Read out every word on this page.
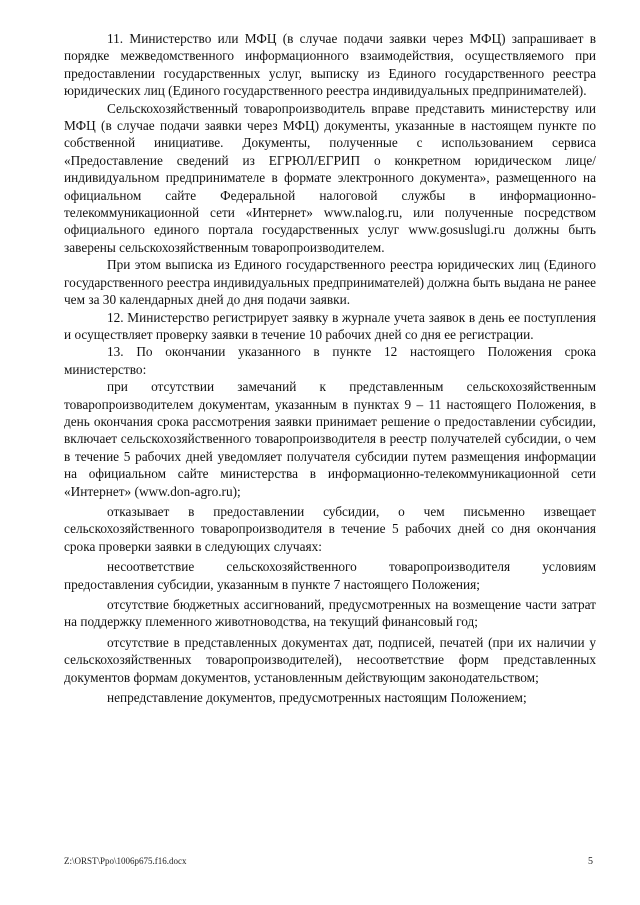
11. Министерство или МФЦ (в случае подачи заявки через МФЦ) запрашивает в порядке межведомственного информационного взаимодействия, осуществляемого при предоставлении государственных услуг, выписку из Единого государственного реестра юридических лиц (Единого государственного реестра индивидуальных предпринимателей).

Сельскохозяйственный товаропроизводитель вправе представить министерству или МФЦ (в случае подачи заявки через МФЦ) документы, указанные в настоящем пункте по собственной инициативе. Документы, полученные с использованием сервиса «Предоставление сведений из ЕГРЮЛ/ЕГРИП о конкретном юридическом лице/индивидуальном предпринимателе в формате электронного документа», размещенного на официальном сайте Федеральной налоговой службы в информационно-телекоммуникационной сети «Интернет» www.nalog.ru, или полученные посредством официального единого портала государственных услуг www.gosuslugi.ru должны быть заверены сельскохозяйственным товаропроизводителем.

При этом выписка из Единого государственного реестра юридических лиц (Единого государственного реестра индивидуальных предпринимателей) должна быть выдана не ранее чем за 30 календарных дней до дня подачи заявки.

12. Министерство регистрирует заявку в журнале учета заявок в день ее поступления и осуществляет проверку заявки в течение 10 рабочих дней со дня ее регистрации.

13. По окончании указанного в пункте 12 настоящего Положения срока министерство:

при отсутствии замечаний к представленным сельскохозяйственным товаропроизводителем документам, указанным в пунктах 9 – 11 настоящего Положения, в день окончания срока рассмотрения заявки принимает решение о предоставлении субсидии, включает сельскохозяйственного товаропроизводителя в реестр получателей субсидии, о чем в течение 5 рабочих дней уведомляет получателя субсидии путем размещения информации на официальном сайте министерства в информационно-телекоммуникационной сети «Интернет» (www.don-agro.ru);

отказывает в предоставлении субсидии, о чем письменно извещает сельскохозяйственного товаропроизводителя в течение 5 рабочих дней со дня окончания срока проверки заявки в следующих случаях:

несоответствие сельскохозяйственного товаропроизводителя условиям предоставления субсидии, указанным в пункте 7 настоящего Положения;

отсутствие бюджетных ассигнований, предусмотренных на возмещение части затрат на поддержку племенного животноводства, на текущий финансовый год;

отсутствие в представленных документах дат, подписей, печатей (при их наличии у сельскохозяйственных товаропроизводителей), несоответствие форм представленных документов формам документов, установленным действующим законодательством;

непредставление документов, предусмотренных настоящим Положением;

Z:\ORST\Ppo\1006p675.f16.docx	5
